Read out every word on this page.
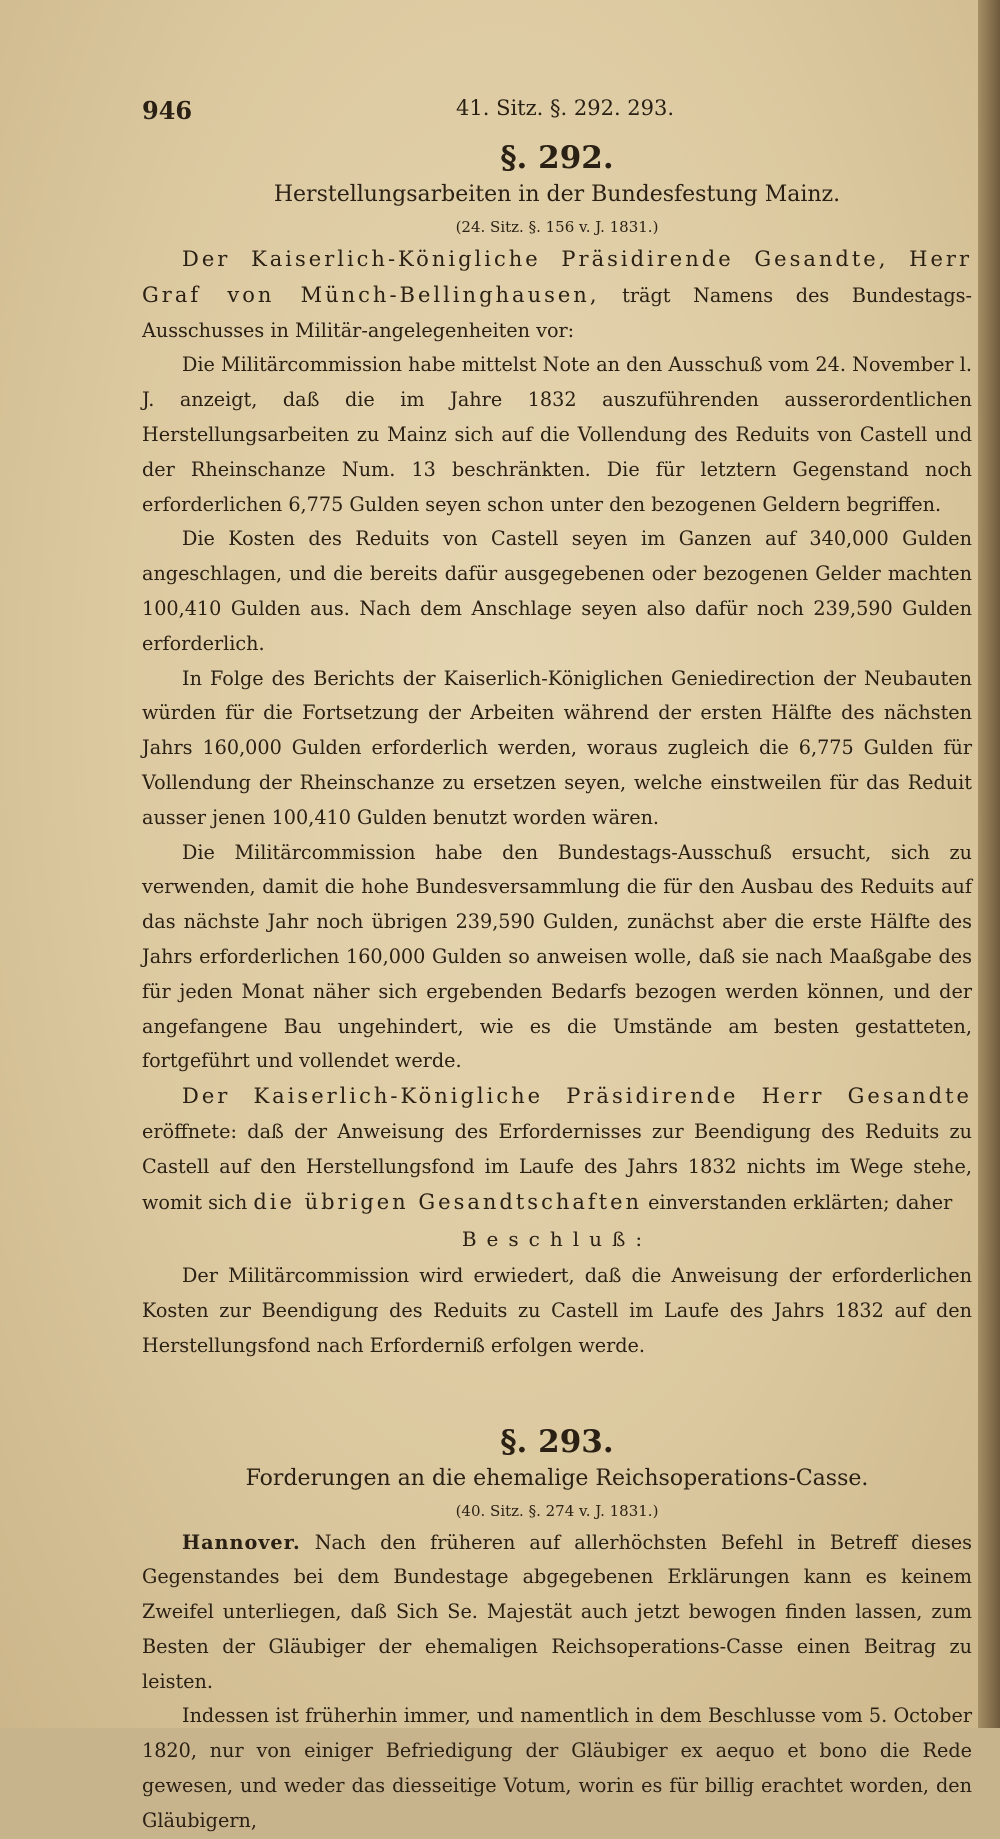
946	41. Sitz. §. 292. 293.
§. 292.
Herstellungsarbeiten in der Bundesfestung Mainz.
(24. Sitz. §. 156 v. J. 1831.)

Der Kaiserlich-Königliche Präsidirende Gesandte, Herr Graf von Münch-Bellinghausen, trägt Namens des Bundestags-Ausschusses in Militär-angelegenheiten vor:

Die Militärcommission habe mittelst Note an den Ausschuß vom 24. November l. J. anzeigt, daß die im Jahre 1832 auszuführenden ausserordentlichen Herstellungsarbeiten zu Mainz sich auf die Vollendung des Reduits von Castell und der Rheinschanze Num. 13 beschränkten. Die für letztern Gegenstand noch erforderlichen 6,775 Gulden seyen schon unter den bezogenen Geldern begriffen.

Die Kosten des Reduits von Castell seyen im Ganzen auf 340,000 Gulden angeschlagen, und die bereits dafür ausgegebenen oder bezogenen Gelder machten 100,410 Gulden aus. Nach dem Anschlage seyen also dafür noch 239,590 Gulden erforderlich.

In Folge des Berichts der Kaiserlich-Königlichen Geniedirection der Neubauten würden für die Fortsetzung der Arbeiten während der ersten Hälfte des nächsten Jahrs 160,000 Gulden erforderlich werden, woraus zugleich die 6,775 Gulden für Vollendung der Rheinschanze zu ersetzen seyen, welche einstweilen für das Reduit ausser jenen 100,410 Gulden benutzt worden wären.

Die Militärcommission habe den Bundestags-Ausschuß ersucht, sich zu verwenden, damit die hohe Bundesversammlung die für den Ausbau des Reduits auf das nächste Jahr noch übrigen 239,590 Gulden, zunächst aber die erste Hälfte des Jahrs erforderlichen 160,000 Gulden so anweisen wolle, daß sie nach Maaßgabe des für jeden Monat näher sich ergebenden Bedarfs bezogen werden können, und der angefangene Bau ungehindert, wie es die Umstände am besten gestatteten, fortgeführt und vollendet werde.

Der Kaiserlich-Königliche Präsidirende Herr Gesandte eröffnete: daß der Anweisung des Erfordernisses zur Beendigung des Reduits zu Castell auf den Herstellungsfond im Laufe des Jahrs 1832 nichts im Wege stehe, womit sich die übrigen Gesandtschaften einverstanden erklärten; daher

Beschluß:

Der Militärcommission wird erwiedert, daß die Anweisung der erforderlichen Kosten zur Beendigung des Reduits zu Castell im Laufe des Jahrs 1832 auf den Herstellungsfond nach Erforderniß erfolgen werde.

§. 293.
Forderungen an die ehemalige Reichsoperations-Casse.
(40. Sitz. §. 274 v. J. 1831.)

Hannover. Nach den früheren auf allerhöchsten Befehl in Betreff dieses Gegenstandes bei dem Bundestage abgegebenen Erklärungen kann es keinem Zweifel unterliegen, daß Sich Se. Majestät auch jetzt bewogen finden lassen, zum Besten der Gläubiger der ehemaligen Reichsoperations-Casse einen Beitrag zu leisten.

Indessen ist früherhin immer, und namentlich in dem Beschlusse vom 5. October 1820, nur von einiger Befriedigung der Gläubiger ex aequo et bono die Rede gewesen, und weder das diesseitige Votum, worin es für billig erachtet worden, den Gläubigern,
